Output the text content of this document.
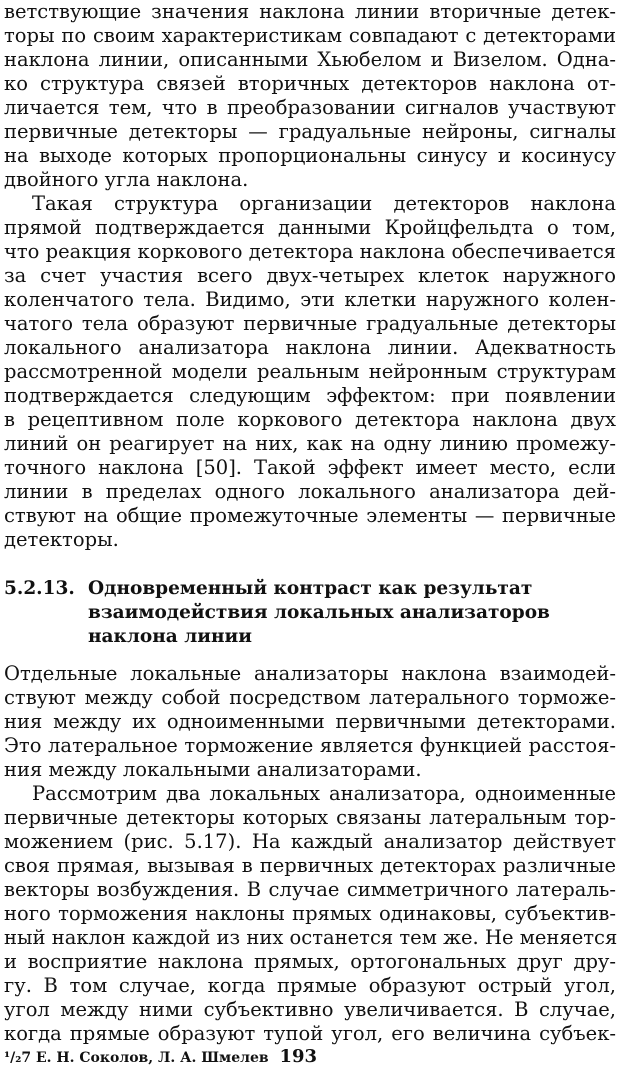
ветствующие значения наклона линии вторичные детек-
торы по своим характеристикам совпадают с детекторами
наклона линии, описанными Хьюбелом и Визелом. Одна-
ко структура связей вторичных детекторов наклона от-
личается тем, что в преобразовании сигналов участвуют
первичные детекторы — градуальные нейроны, сигналы
на выходе которых пропорциональны синусу и косинусу
двойного угла наклона.
Такая структура организации детекторов наклона
прямой подтверждается данными Кройцфельдта о том,
что реакция коркового детектора наклона обеспечивается
за счет участия всего двух-четырех клеток наружного
коленчатого тела. Видимо, эти клетки наружного колен-
чатого тела образуют первичные градуальные детекторы
локального анализатора наклона линии. Адекватность
рассмотренной модели реальным нейронным структурам
подтверждается следующим эффектом: при появлении
в рецептивном поле коркового детектора наклона двух
линий он реагирует на них, как на одну линию промежу-
точного наклона [50]. Такой эффект имеет место, если
линии в пределах одного локального анализатора дей-
ствуют на общие промежуточные элементы — первичные
детекторы.
5.2.13. Одновременный контраст как результат
взаимодействия локальных анализаторов
наклона линии
Отдельные локальные анализаторы наклона взаимодей-
ствуют между собой посредством латерального торможе-
ния между их одноименными первичными детекторами.
Это латеральное торможение является функцией расстоя-
ния между локальными анализаторами.
Рассмотрим два локальных анализатора, одноименные
первичные детекторы которых связаны латеральным тор-
можением (рис. 5.17). На каждый анализатор действует
своя прямая, вызывая в первичных детекторах различные
векторы возбуждения. В случае симметричного латераль-
ного торможения наклоны прямых одинаковы, субъектив-
ный наклон каждой из них останется тем же. Не меняется
и восприятие наклона прямых, ортогональных друг дру-
гу. В том случае, когда прямые образуют острый угол,
угол между ними субъективно увеличивается. В случае,
когда прямые образуют тупой угол, его величина субъек-
¹/₂7 Е. Н. Соколов, Л. А. Шмелев 193
